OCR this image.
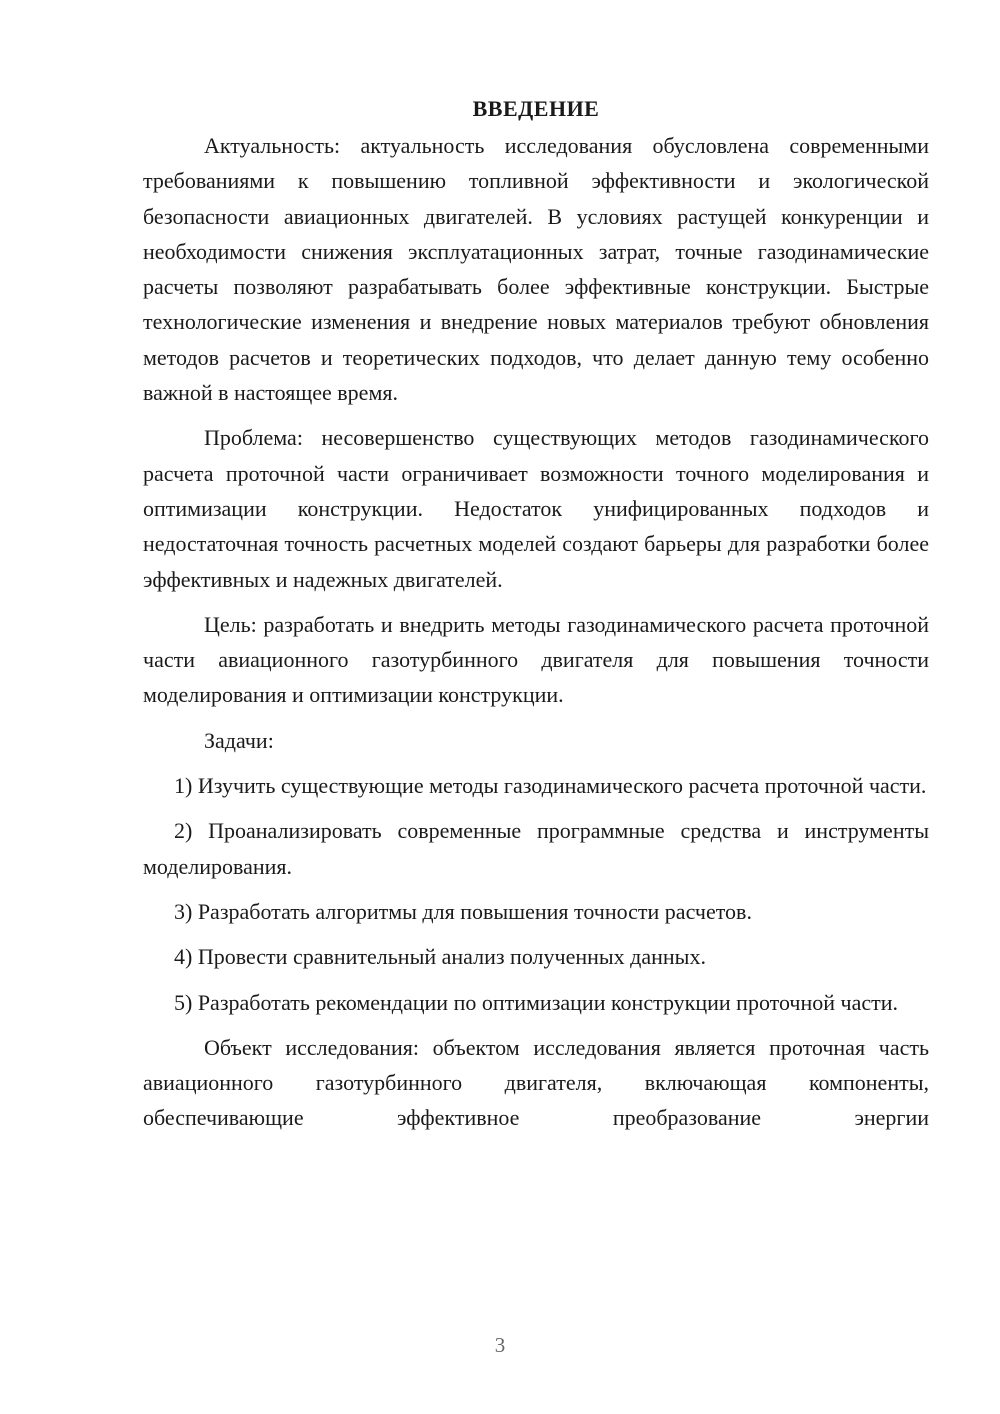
ВВЕДЕНИЕ

Актуальность: актуальность исследования обусловлена современными требованиями к повышению топливной эффективности и экологической безопасности авиационных двигателей. В условиях растущей конкуренции и необходимости снижения эксплуатационных затрат, точные газодинамические расчеты позволяют разрабатывать более эффективные конструкции. Быстрые технологические изменения и внедрение новых материалов требуют обновления методов расчетов и теоретических подходов, что делает данную тему особенно важной в настоящее время.

Проблема: несовершенство существующих методов газодинамического расчета проточной части ограничивает возможности точного моделирования и оптимизации конструкции. Недостаток унифицированных подходов и недостаточная точность расчетных моделей создают барьеры для разработки более эффективных и надежных двигателей.

Цель: разработать и внедрить методы газодинамического расчета проточной части авиационного газотурбинного двигателя для повышения точности моделирования и оптимизации конструкции.

Задачи:

1) Изучить существующие методы газодинамического расчета проточной части.

2) Проанализировать современные программные средства и инструменты моделирования.

3) Разработать алгоритмы для повышения точности расчетов.

4) Провести сравнительный анализ полученных данных.

5) Разработать рекомендации по оптимизации конструкции проточной части.

Объект исследования: объектом исследования является проточная часть авиационного газотурбинного двигателя, включающая компоненты, обеспечивающие эффективное преобразование энергии

3
